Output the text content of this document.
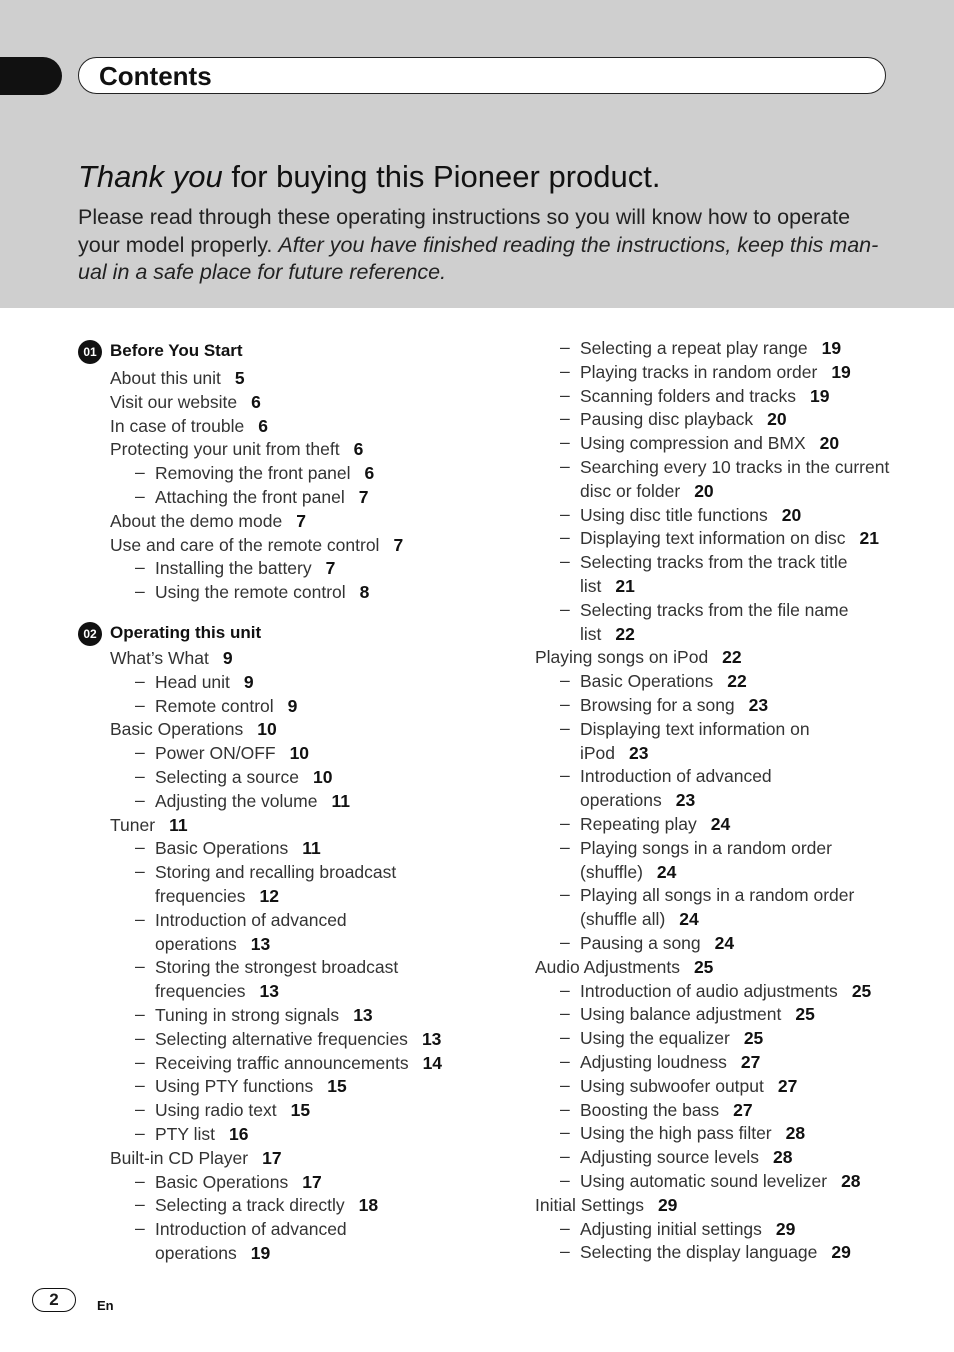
Contents
Thank you for buying this Pioneer product.
Please read through these operating instructions so you will know how to operate your model properly. After you have finished reading the instructions, keep this man-ual in a safe place for future reference.
01 Before You Start
02 Operating this unit
About this unit 5
Visit our website 6
In case of trouble 6
Protecting your unit from theft 6
– Removing the front panel 6
– Attaching the front panel 7
About the demo mode 7
Use and care of the remote control 7
– Installing the battery 7
– Using the remote control 8
What’s What 9
– Head unit 9
– Remote control 9
Basic Operations 10
– Power ON/OFF 10
– Selecting a source 10
– Adjusting the volume 11
Tuner 11
– Basic Operations 11
– Storing and recalling broadcast
frequencies 12
– Introduction of advanced
operations 13
– Storing the strongest broadcast
frequencies 13
– Tuning in strong signals 13
– Selecting alternative frequencies 13
– Receiving traffic announcements 14
– Using PTY functions 15
– Using radio text 15
– PTY list 16
Built-in CD Player 17
– Basic Operations 17
– Selecting a track directly 18
– Introduction of advanced
operations 19
– Selecting a repeat play range 19
– Playing tracks in random order 19
– Scanning folders and tracks 19
– Pausing disc playback 20
– Using compression and BMX 20
– Searching every 10 tracks in the current
disc or folder 20
– Using disc title functions 20
– Displaying text information on disc 21
– Selecting tracks from the track title
list 21
– Selecting tracks from the file name
list 22
Playing songs on iPod 22
– Basic Operations 22
– Browsing for a song 23
– Displaying text information on
iPod 23
– Introduction of advanced
operations 23
– Repeating play 24
– Playing songs in a random order
(shuffle) 24
– Playing all songs in a random order
(shuffle all) 24
– Pausing a song 24
Audio Adjustments 25
– Introduction of audio adjustments 25
– Using balance adjustment 25
– Using the equalizer 25
– Adjusting loudness 27
– Using subwoofer output 27
– Boosting the bass 27
– Using the high pass filter 28
– Adjusting source levels 28
– Using automatic sound levelizer 28
Initial Settings 29
– Adjusting initial settings 29
– Selecting the display language 29
2	En
